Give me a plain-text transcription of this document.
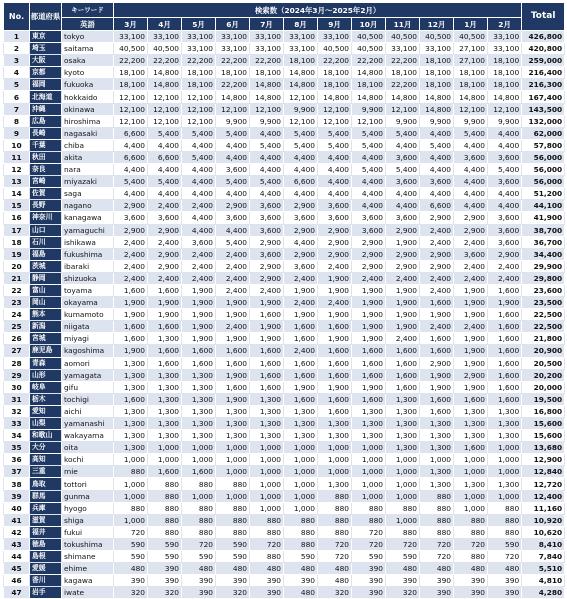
No.	都道府県	キーワード	検索数（2024年3月～2025年2月）												Total
		英語	3月	4月	5月	6月	7月	8月	9月	10月	11月	12月	1月	2月	
1	東京	tokyo	33,100	33,100	33,100	33,100	33,100	33,100	33,100	40,500	40,500	40,500	40,500	33,100	426,800
2	埼玉	saitama	40,500	40,500	33,100	33,100	33,100	33,100	40,500	40,500	33,100	33,100	27,100	33,100	420,800
3	大阪	osaka	22,200	22,200	22,200	22,200	22,200	18,100	22,200	22,200	22,200	18,100	27,100	18,100	259,000
4	京都	kyoto	18,100	14,800	18,100	18,100	18,100	14,800	18,100	14,800	18,100	18,100	18,100	18,100	216,400
5	福岡	fukuoka	18,100	14,800	18,100	22,200	14,800	14,800	18,100	18,100	22,200	18,100	18,100	18,100	216,300
6	北海道	hokkaido	12,100	12,100	12,100	14,800	14,800	12,100	14,800	14,800	14,800	14,800	14,800	14,800	167,400
7	沖縄	okinawa	12,100	12,100	12,100	12,100	12,100	9,900	12,100	9,900	12,100	14,800	12,100	12,100	143,500
8	広島	hiroshima	12,100	12,100	12,100	9,900	9,900	12,100	12,100	12,100	9,900	9,900	9,900	9,900	132,000
9	長崎	nagasaki	6,600	5,400	5,400	5,400	4,400	5,400	5,400	5,400	5,400	4,400	5,400	4,400	62,000
10	千葉	chiba	4,400	4,400	4,400	4,400	5,400	5,400	5,400	5,400	4,400	5,400	4,400	4,400	57,800
11	秋田	akita	6,600	6,600	5,400	4,400	4,400	4,400	4,400	4,400	3,600	4,400	3,600	3,600	56,000
12	奈良	nara	4,400	4,400	4,400	3,600	4,400	4,400	4,400	5,400	5,400	4,400	4,400	5,400	56,000
13	宮崎	miyazaki	5,400	5,400	4,400	5,400	5,400	6,600	4,400	4,400	3,600	3,600	4,400	3,600	56,000
14	佐賀	saga	4,400	4,400	4,400	4,400	4,400	4,400	4,400	4,400	4,400	4,400	4,400	4,400	51,200
15	長野	nagano	2,900	2,400	2,400	2,900	3,600	2,900	3,600	4,400	4,400	6,600	4,400	4,400	44,100
16	神奈川	kanagawa	3,600	3,600	4,400	3,600	3,600	3,600	3,600	3,600	3,600	2,900	2,900	3,600	41,900
17	山口	yamaguchi	2,900	2,900	4,400	4,400	3,600	2,900	2,900	3,600	2,900	2,400	2,900	3,600	38,700
18	石川	ishikawa	2,400	2,400	3,600	5,400	2,900	4,400	2,900	2,900	1,900	2,400	2,400	3,600	36,700
19	福島	fukushima	2,400	2,900	2,400	2,400	3,600	2,900	2,900	2,900	2,900	2,900	3,600	2,900	34,400
20	茨城	ibaraki	2,400	2,900	2,400	2,400	2,900	3,600	2,400	2,900	2,900	2,900	2,400	2,400	29,900
21	静岡	shizuoka	2,400	2,400	2,400	2,400	2,900	2,400	1,900	2,400	2,400	2,400	2,400	2,400	29,800
22	富山	toyama	1,600	1,600	1,900	2,400	2,400	1,900	1,900	1,900	1,900	2,400	1,900	1,600	23,600
23	岡山	okayama	1,900	1,900	1,900	1,900	1,900	2,400	2,400	1,900	1,900	1,600	1,900	1,900	23,500
24	熊本	kumamoto	1,900	1,900	1,900	1,900	1,600	1,900	1,900	1,900	1,900	1,900	1,900	1,600	22,500
25	新潟	niigata	1,600	1,600	1,900	2,400	1,900	1,600	1,600	1,900	1,900	2,400	2,400	1,600	22,500
26	宮城	miyagi	1,600	1,300	1,900	1,900	1,900	1,600	1,900	1,900	2,400	1,600	1,900	1,600	21,800
27	鹿児島	kagoshima	1,900	1,600	1,600	1,600	1,600	2,400	1,600	1,600	1,600	1,600	1,900	1,600	20,900
28	青森	aomori	1,300	1,600	1,600	1,600	1,600	1,600	1,600	1,600	1,600	2,900	1,900	1,600	20,500
29	山形	yamagata	1,300	1,300	1,300	1,900	1,600	1,600	1,600	1,600	1,600	1,900	2,900	1,600	20,200
30	岐阜	gifu	1,300	1,300	1,300	1,600	1,600	1,900	1,900	1,900	1,600	1,900	1,900	1,600	20,000
31	栃木	tochigi	1,600	1,300	1,300	1,900	1,300	1,600	1,600	1,600	1,300	1,600	1,600	1,600	19,500
32	愛知	aichi	1,300	1,300	1,300	1,300	1,300	1,300	1,600	1,300	1,300	1,600	1,300	1,300	16,800
33	山梨	yamanashi	1,300	1,300	1,300	1,300	1,300	1,300	1,300	1,300	1,300	1,300	1,300	1,300	15,600
34	和歌山	wakayama	1,300	1,300	1,300	1,300	1,300	1,300	1,300	1,300	1,300	1,300	1,300	1,300	15,600
35	大分	oita	1,300	1,000	1,000	1,000	1,000	1,000	1,000	1,000	1,300	1,300	1,600	1,000	13,680
36	高知	kochi	1,000	1,000	1,000	1,000	1,000	1,000	1,000	1,000	1,000	1,000	1,000	1,000	12,900
37	三重	mie	880	1,600	1,600	1,000	1,000	1,000	1,000	1,000	1,000	1,300	1,000	1,000	12,840
38	鳥取	tottori	1,000	880	880	880	1,000	1,000	1,300	1,000	1,000	1,300	1,300	1,300	12,720
39	群馬	gunma	1,000	880	1,000	1,000	1,000	1,000	880	1,000	1,000	880	1,000	1,000	12,400
40	兵庫	hyogo	880	880	880	880	1,000	1,000	880	880	880	880	1,000	880	11,160
41	滋賀	shiga	1,000	880	880	880	880	880	880	880	1,000	880	880	880	10,920
42	福井	fukui	720	880	880	880	880	880	880	720	880	880	880	880	10,620
43	徳島	tokushima	590	590	720	590	720	880	720	720	720	720	720	590	8,410
44	島根	shimane	590	590	590	590	880	590	720	590	590	720	880	720	7,840
45	愛媛	ehime	480	390	480	480	480	480	480	390	480	480	480	480	5,510
46	香川	kagawa	390	390	390	390	390	390	480	390	390	390	390	390	4,810
47	岩手	iwate	320	320	390	320	390	480	320	390	320	390	390	390	4,280
